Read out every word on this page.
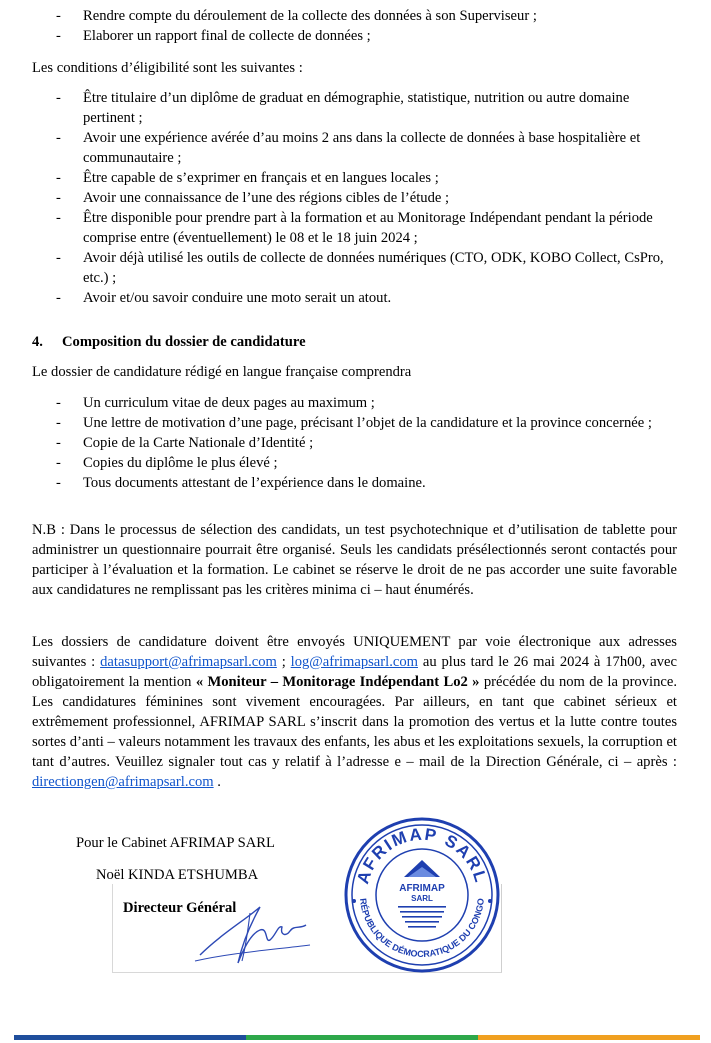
- Rendre compte du déroulement de la collecte des données à son Superviseur ;
- Elaborer un rapport final de collecte de données ;

Les conditions d’éligibilité sont les suivantes :

- Être titulaire d’un diplôme de graduat en démographie, statistique, nutrition ou autre domaine pertinent ;
- Avoir une expérience avérée d’au moins 2 ans dans la collecte de données à base hospitalière et communautaire ;
- Être capable de s’exprimer en français et en langues locales ;
- Avoir une connaissance de l’une des régions cibles de l’étude ;
- Être disponible pour prendre part à la formation et au Monitorage Indépendant pendant la période comprise entre (éventuellement) le 08 et le 18 juin 2024 ;
- Avoir déjà utilisé les outils de collecte de données numériques (CTO, ODK, KOBO Collect, CsPro, etc.) ;
- Avoir et/ou savoir conduire une moto serait un atout.
4. Composition du dossier de candidature

Le dossier de candidature rédigé en langue française comprendra

- Un curriculum vitae de deux pages au maximum ;
- Une lettre de motivation d’une page, précisant l’objet de la candidature et la province concernée ;
- Copie de la Carte Nationale d’Identité ;
- Copies du diplôme le plus élevé ;
- Tous documents attestant de l’expérience dans le domaine.

N.B : Dans le processus de sélection des candidats, un test psychotechnique et d’utilisation de tablette pour administrer un questionnaire pourrait être organisé. Seuls les candidats présélectionnés seront contactés pour participer à l’évaluation et la formation. Le cabinet se réserve le droit de ne pas accorder une suite favorable aux candidatures ne remplissant pas les critères minima ci – haut énumérés.

Les dossiers de candidature doivent être envoyés UNIQUEMENT par voie électronique aux adresses suivantes : datasupport@afrimapsarl.com ; log@afrimapsarl.com au plus tard le 26 mai 2024 à 17h00, avec obligatoirement la mention « Moniteur – Monitorage Indépendant Lo2 » précédée du nom de la province. Les candidatures féminines sont vivement encouragées. Par ailleurs, en tant que cabinet sérieux et extrêmement professionnel, AFRIMAP SARL s’inscrit dans la promotion des vertus et la lutte contre toutes sortes d’anti – valeurs notamment les travaux des enfants, les abus et les exploitations sexuels, la corruption et tant d’autres. Veuillez signaler tout cas y relatif à l’adresse e – mail de la Direction Générale, ci – après : directiongen@afrimapsarl.com .

Pour le Cabinet AFRIMAP SARL
Noël KINDA ETSHUMBA
Directeur Général
AFRIMAP SARL
RÉPUBLIQUE DÉMOCRATIQUE DU CONGO
AFRIMAP
SARL
